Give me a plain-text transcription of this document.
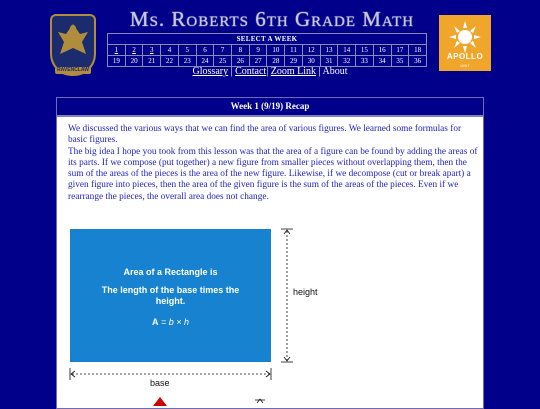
RAVENCLAW
Ms. Roberts 6th Grade Math
SELECT A WEEK																	
1	2	3	4	5	6	7	8	9	10	11	12	13	14	15	16	17	18
19	20	21	22	23	24	25	26	27	28	29	30	31	32	33	34	35	36
Glossary | Contact| Zoom Link | About
APOLLO
UNIT
Week 1 (9/19) Recap

We discussed the various ways that we can find the area of various figures. We learned some formulas for basic figures.

The big idea I hope you took from this lesson was that the area of a figure can be found by adding the areas of its parts. If we compose (put together) a new figure from smaller pieces without overlapping them, then the sum of the areas of the pieces is the area of the new figure. Likewise, if we decompose (cut or break apart) a given figure into pieces, then the area of the given figure is the sum of the areas of the pieces. Even if we rearrange the pieces, the overall area does not change.

Area of a Rectangle is
The length of the base times the height.
A = b × h
height
base
